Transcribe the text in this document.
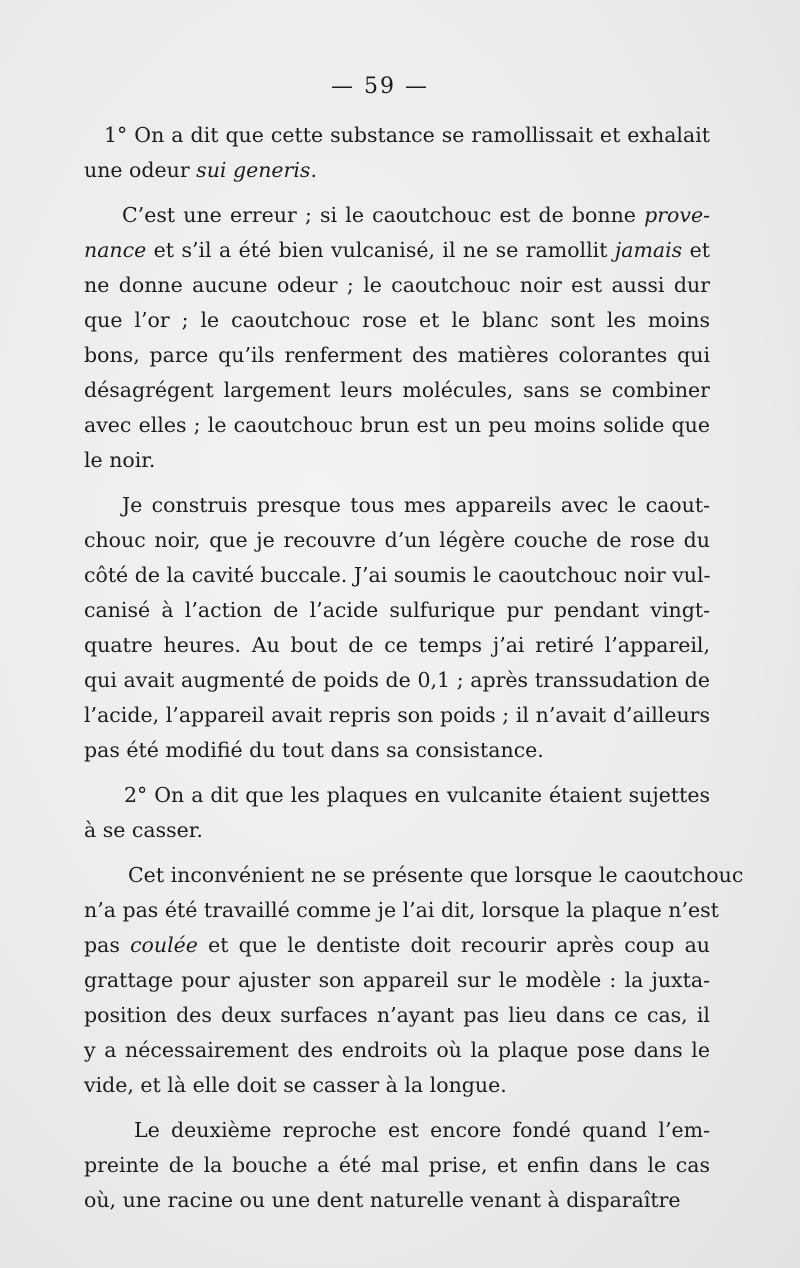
— 59 —
1° On a dit que cette substance se ramollissait et exhalait
une odeur sui generis.
C’est une erreur ; si le caoutchouc est de bonne prove-
nance et s’il a été bien vulcanisé, il ne se ramollit jamais et
ne donne aucune odeur ; le caoutchouc noir est aussi dur
que l’or ; le caoutchouc rose et le blanc sont les moins
bons, parce qu’ils renferment des matières colorantes qui
désagrégent largement leurs molécules, sans se combiner
avec elles ; le caoutchouc brun est un peu moins solide que
le noir.
Je construis presque tous mes appareils avec le caout-
chouc noir, que je recouvre d’un légère couche de rose du
côté de la cavité buccale. J’ai soumis le caoutchouc noir vul-
canisé à l’action de l’acide sulfurique pur pendant vingt-
quatre heures. Au bout de ce temps j’ai retiré l’appareil,
qui avait augmenté de poids de 0,1 ; après transsudation de
l’acide, l’appareil avait repris son poids ; il n’avait d’ailleurs
pas été modifié du tout dans sa consistance.
2° On a dit que les plaques en vulcanite étaient sujettes
à se casser.
Cet inconvénient ne se présente que lorsque le caoutchouc
n’a pas été travaillé comme je l’ai dit, lorsque la plaque n’est
pas coulée et que le dentiste doit recourir après coup au
grattage pour ajuster son appareil sur le modèle : la juxta-
position des deux surfaces n’ayant pas lieu dans ce cas, il
y a nécessairement des endroits où la plaque pose dans le
vide, et là elle doit se casser à la longue.
Le deuxième reproche est encore fondé quand l’em-
preinte de la bouche a été mal prise, et enfin dans le cas
où, une racine ou une dent naturelle venant à disparaître
